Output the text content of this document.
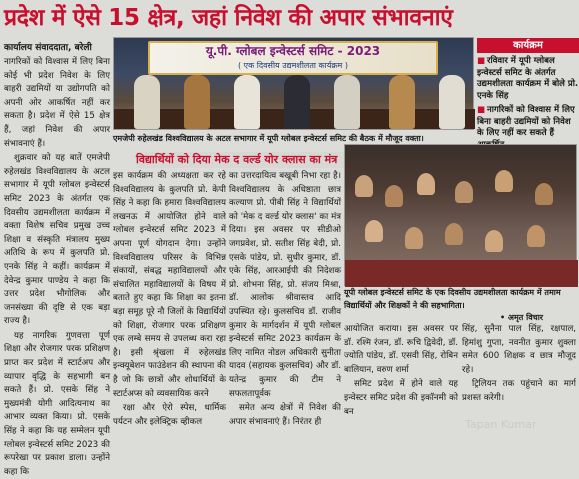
प्रदेश में ऐसे 15 क्षेत्र, जहां निवेश की अपार संभावनाएं
कार्यालय संवाददाता, बरेली

नागरिकों को विश्वास में लिए बिना कोई भी प्रदेश निवेश के लिए बाहरी उद्यमियों या उद्योगपति को अपनी ओर आकर्षित नहीं कर सकता है। प्रदेश में ऐसे 15 क्षेत्र हैं, जहां निवेश की अपार संभावनाएं हैं।

शुक्रवार को यह बातें एमजेपी रुहेलखंड विश्वविद्यालय के अटल सभागार में यूपी ग्लोबल इन्वेस्टर्स समिट 2023 के अंतर्गत एक दिवसीय उद्यमशीलता कार्यक्रम में वक्ता विशेष सचिव प्रमुख उच्च शिक्षा व संस्कृति मंत्रालय मुख्य अतिथि के रूप में कुलपति प्रो. एनके सिंह ने कहीं। कार्यक्रम में देवेन्द्र कुमार पाण्डेय ने कहा कि उत्तर प्रदेश भौगोलिक और जनसंख्या की दृष्टि से एक बड़ा राज्य है।

यह नागरिक गुणवत्ता पूर्ण शिक्षा और रोजगार परक प्रशिक्षण प्राप्त कर प्रदेश में स्टार्टअप और व्यापार वृद्धि के सहभागी बन सकते हैं। प्रो. एसके सिंह ने मुख्यमंत्री योगी आदित्यनाथ का आभार व्यक्त किया। प्रो. एसके सिंह ने कहा कि यह सम्मेलन यूपी ग्लोबल इन्वेस्टर्स समिट 2023 की रूपरेखा पर प्रकाश डाला। उन्होंने कहा कि

यू.पी. ग्लोबल इन्वेस्टर्स समिट - 2023
( एक दिवसीय उद्यमशीलता कार्यक्रम )
एमजेपी रुहेलखंड विश्वविद्यालय के अटल सभागार में यूपी ग्लोबल इन्वेस्टर्स समिट की बैठक में मौजूद वक्ता।
कार्यक्रम
■ रविवार में यूपी ग्लोबल इन्वेस्टर्स समिट के अंतर्गत उद्यमशीलता कार्यक्रम में बोले प्रो. एनके सिंह
■ नागरिकों को विश्वास में लिए बिना बाहरी उद्यमियों को निवेश के लिए नहीं कर सकते हैं
विद्यार्थियों को दिया मेक द वर्ल्ड योर क्लास का मंत्र

इस कार्यक्रम की अध्यक्षता कर रहे विश्वविद्यालय के कुलपति प्रो. केपी सिंह ने कहा कि हमारा विश्वविद्यालय लखनऊ में आयोजित होने वाले ग्लोबल इन्वेस्टर्स समिट 2023 में अपना पूर्ण योगदान देगा। उन्होंने विश्वविद्यालय परिसर के विभिन्न संकायों, संबद्ध महाविद्यालयों और संचालित महाविद्यालयों के विषय में बताते हुए कहा कि शिक्षा का इतना बड़ा समूह पूरे नौ जिलों के विद्यार्थियों को शिक्षा, रोजगार परक प्रशिक्षण एक लम्बे समय से उपलब्ध करा रहा है। इसी श्रृंखला में रुहेलखंड इन्क्यूबेशन फाउंडेशन की स्थापना की है जो कि छात्रों और शोधार्थियों के स्टार्टअप्स को व्यवसायिक करने

रक्षा और ऐरो स्पेस, धार्मिक पर्यटन और इलेक्ट्रिक व्हीकल

का उत्तरदायित्व बखूबी निभा रहा है। विश्वविद्यालय के अधिष्ठाता छात्र कल्याण प्रो. पीबी सिंह ने विद्यार्थियों को 'मेक द वर्ल्ड योर क्लास' का मंत्र दिया। इस अवसर पर सीडीओ जगप्रवेश, प्रो. सतीश सिंह बेदी, प्रो. एसके पांडेय, प्रो. सुधीर कुमार, डॉ. एके सिंह, आरआईपी की निदेशक प्रो. शोभना सिंह, प्रो. संजय मिश्रा, डॉ. आलोक श्रीवास्तव आदि उपस्थित रहे। कुलसचिव डॉ. राजीव कुमार के मार्गदर्शन में यूपी ग्लोबल इन्वेस्टर्स समिट 2023 कार्यक्रम के लिए नामित नोडल अधिकारी सुनीता यादव (सहायक कुलसचिव) और डॉ. यतेन्द्र कुमार की टीम ने सफलतापूर्वक

समेत अन्य क्षेत्रों में निवेश की अपार संभावनाएं हैं। निरंतर ही

यूपी ग्लोबल इन्वेस्टर्स समिट के एक दिवसीय उद्यमशीलता कार्यक्रम में तमाम विद्यार्थियों और शिक्षकों ने की सहभागिता।
• अमृत विचार

आयोजित कराया। इस अवसर पर डॉ. रश्मि रंजन, डॉ. रूचि द्विवेदी, डॉ. ज्योति पांडेय, डॉ. एसवी सिंह, रोबिन बालियान, वरुण शर्मा

समिट प्रदेश में होने वाले यह इन्वेस्टर समिट प्रदेश की इकॉनमी को बन

सिंह, सुनैना पाल सिंह, रक्षपाल, हिमांशु गुप्ता, नवनीत कुमार शुक्ला समेत 600 शिक्षक व छात्र मौजूद रहे।

ट्रिलियन तक पहुंचाने का मार्ग प्रशस्त करेगी।

Tapan Kumar
